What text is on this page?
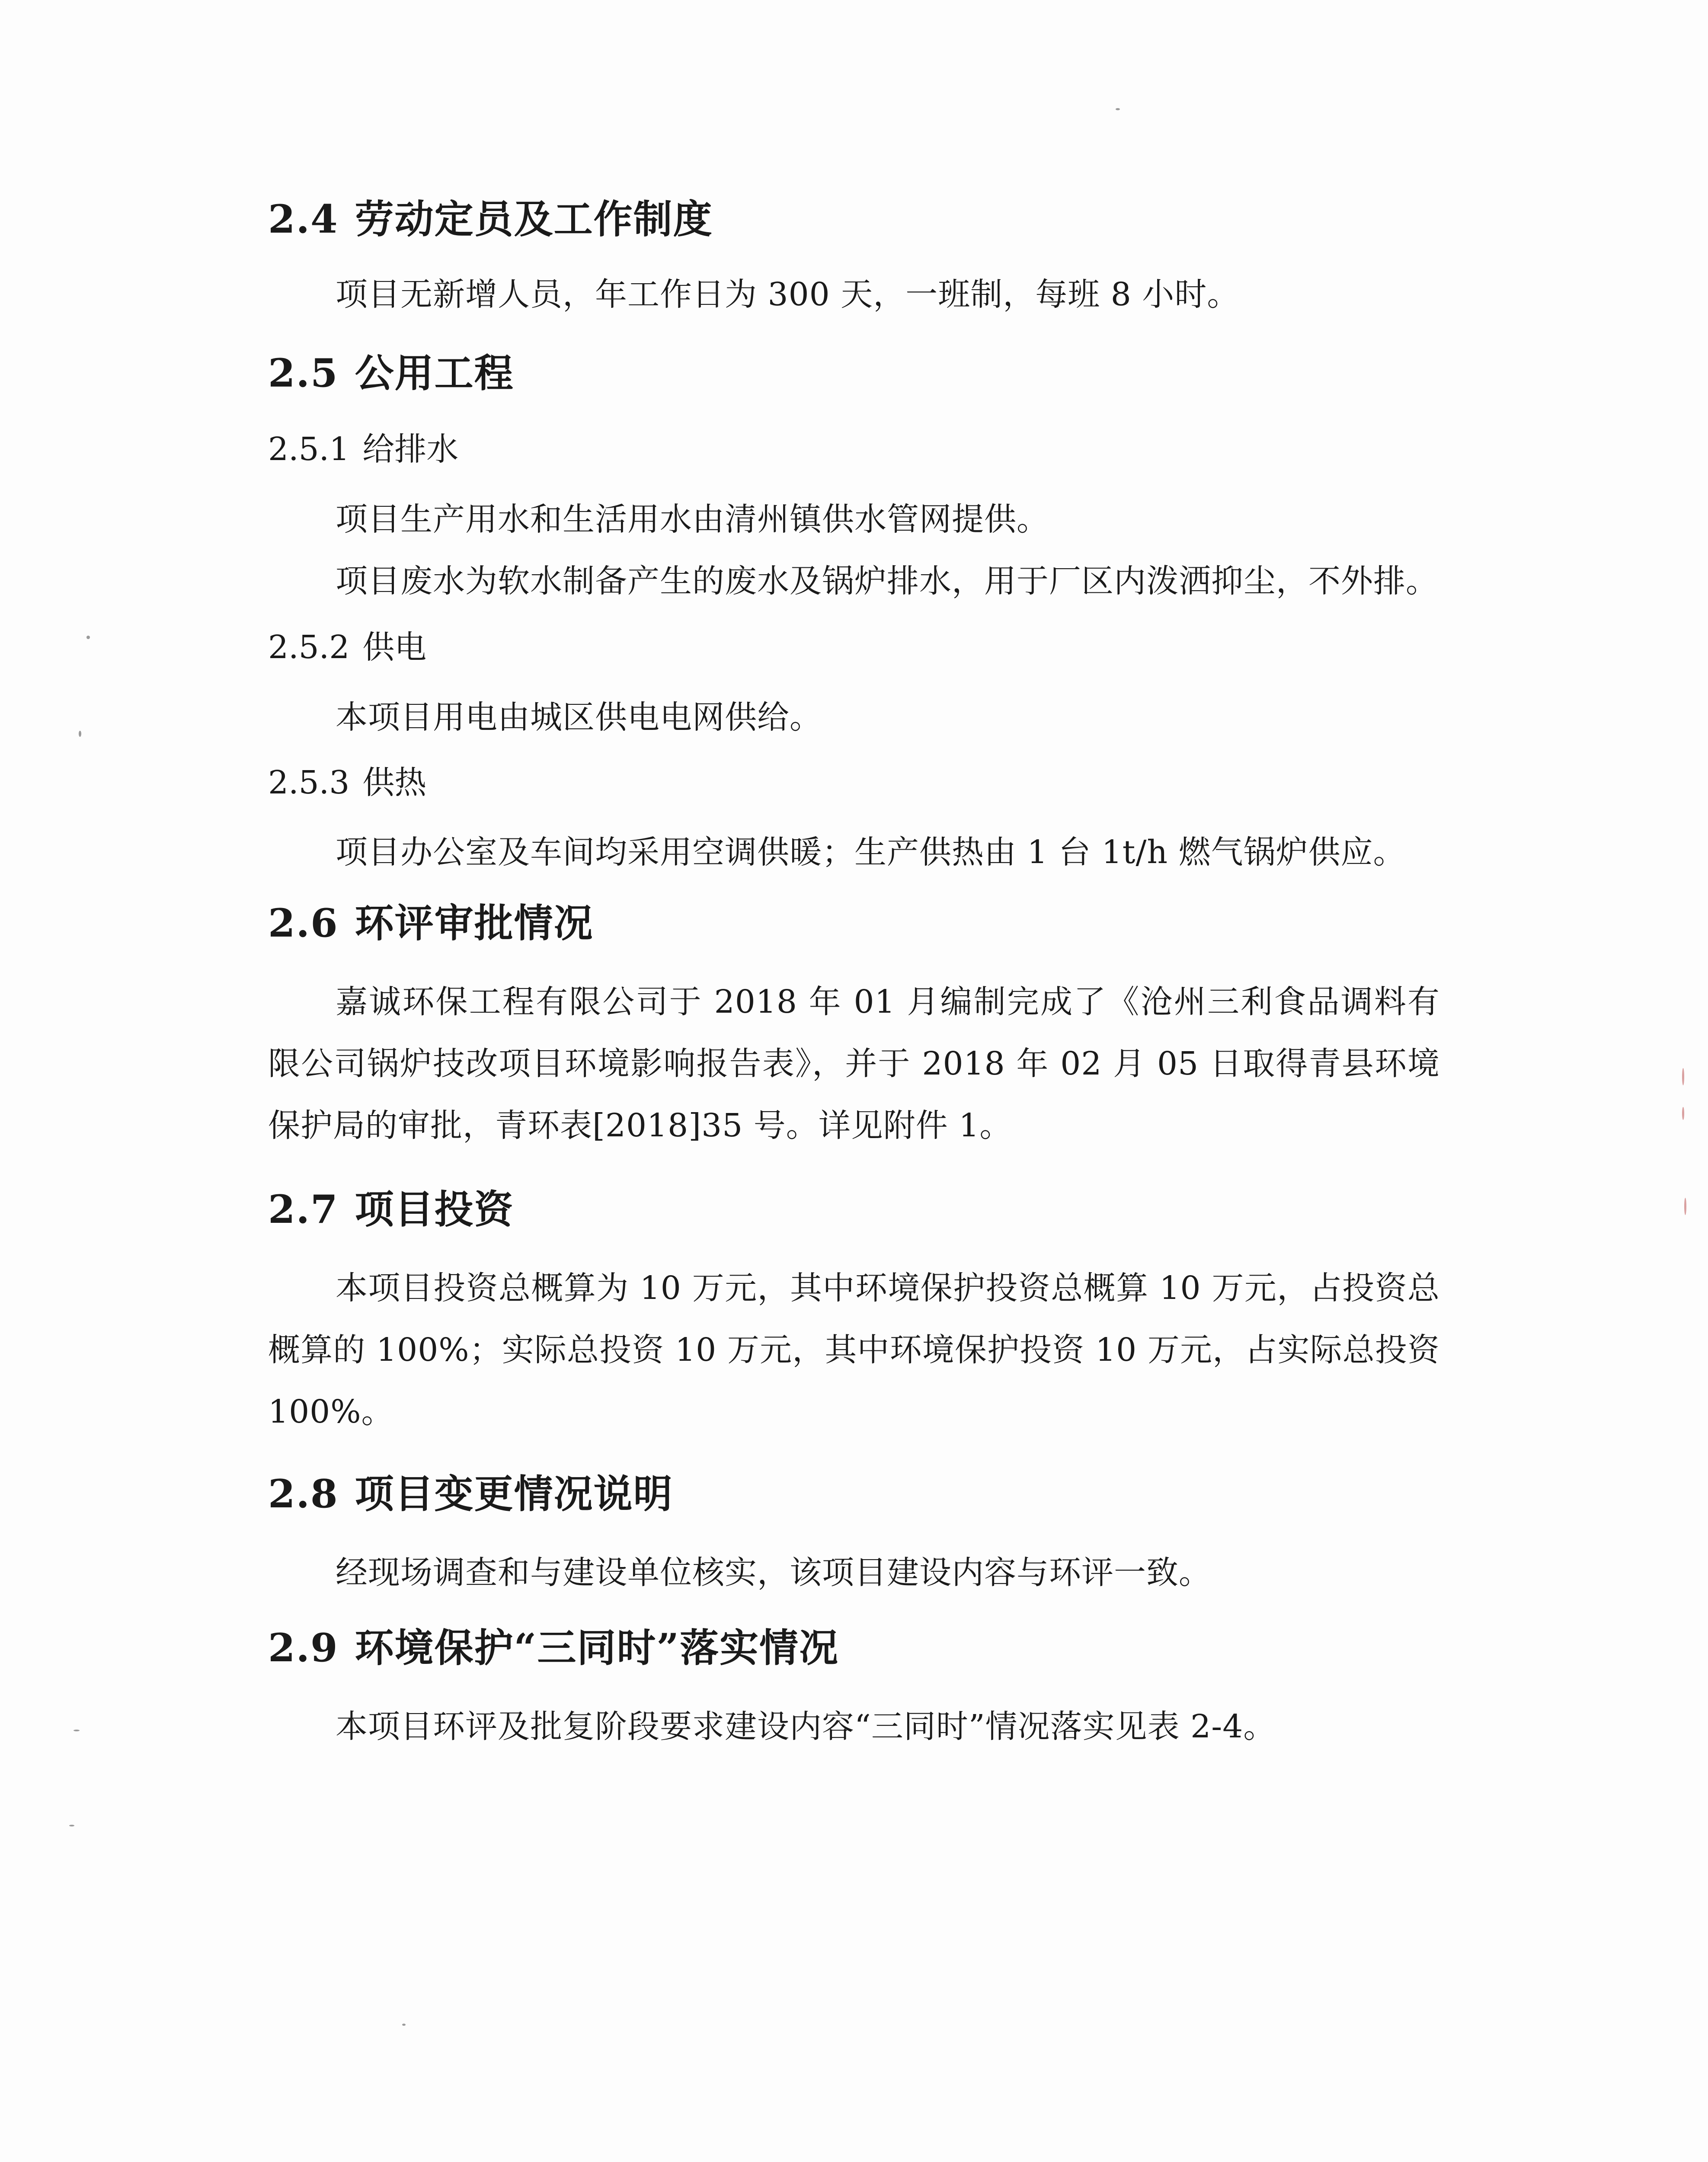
2.4 劳动定员及工作制度

项目无新增人员，年工作日为 300 天，一班制，每班 8 小时。

2.5 公用工程
2.5.1 给排水

项目生产用水和生活用水由清州镇供水管网提供。

项目废水为软水制备产生的废水及锅炉排水，用于厂区内泼洒抑尘，不外排。

2.5.2 供电

本项目用电由城区供电电网供给。

2.5.3 供热

项目办公室及车间均采用空调供暖；生产供热由 1 台 1t/h 燃气锅炉供应。

2.6 环评审批情况

嘉诚环保工程有限公司于 2018 年 01 月编制完成了《沧州三利食品调料有限公司锅炉技改项目环境影响报告表》，并于 2018 年 02 月 05 日取得青县环境保护局的审批，青环表[2018]35 号。详见附件 1。

2.7 项目投资

本项目投资总概算为 10 万元，其中环境保护投资总概算 10 万元，占投资总概算的 100%；实际总投资 10 万元，其中环境保护投资 10 万元，占实际总投资 100%。

2.8 项目变更情况说明

经现场调查和与建设单位核实，该项目建设内容与环评一致。

2.9 环境保护“三同时”落实情况

本项目环评及批复阶段要求建设内容“三同时”情况落实见表 2-4。
